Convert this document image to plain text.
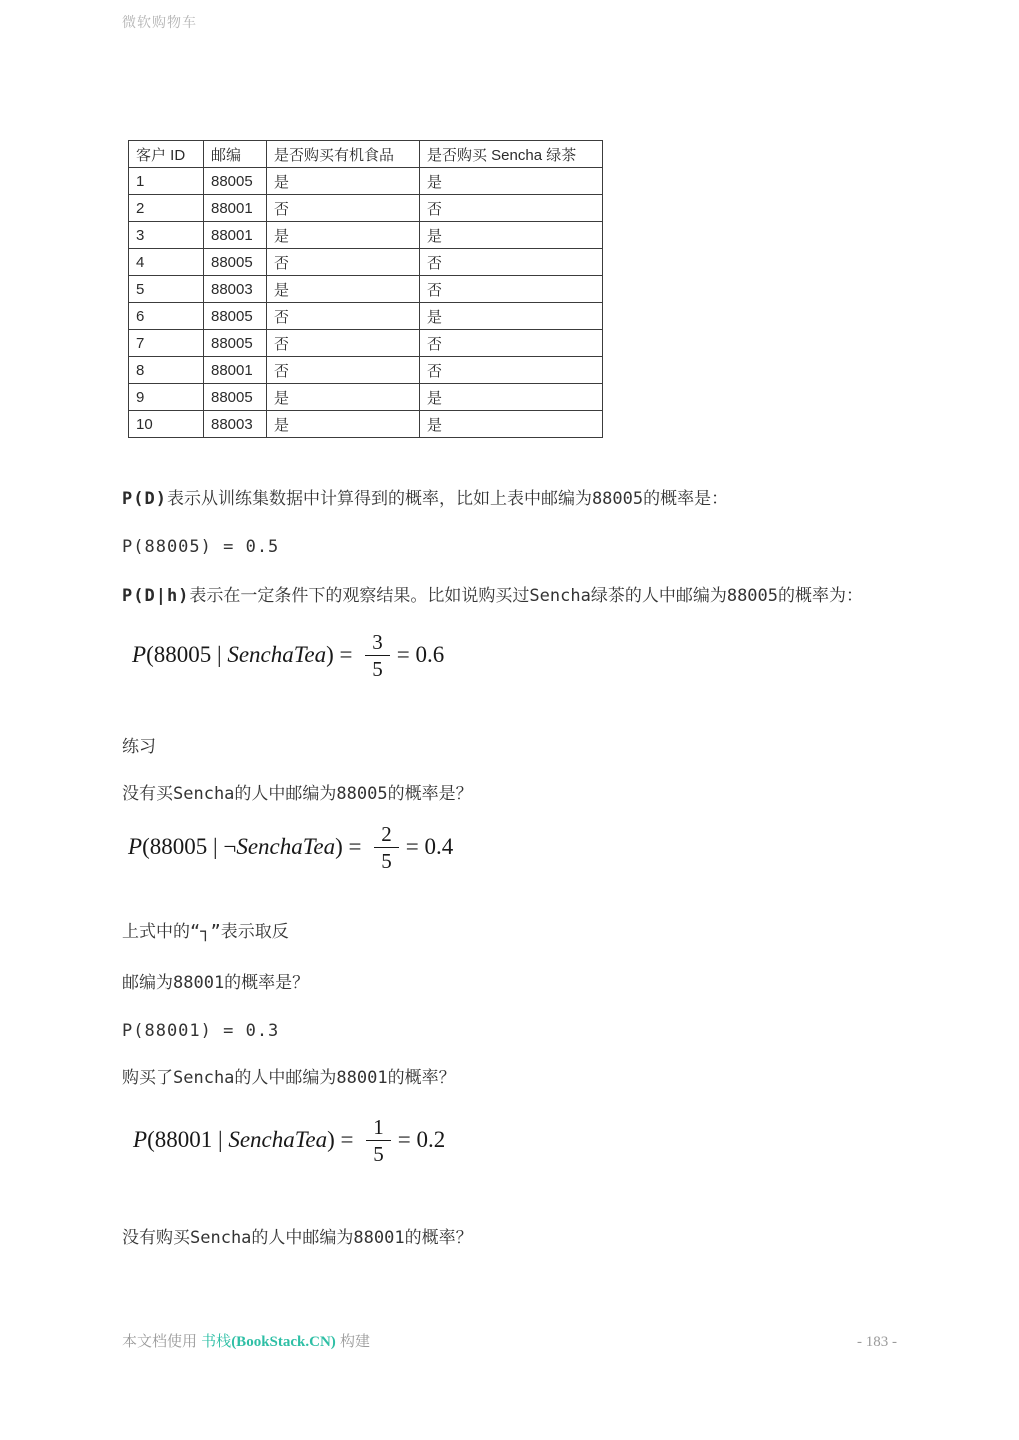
微软购物车
客户 ID	邮编	是否购买有机食品	是否购买 Sencha 绿茶
1	88005	是	是
2	88001	否	否
3	88001	是	是
4	88005	否	否
5	88003	是	否
6	88005	否	是
7	88005	否	否
8	88001	否	否
9	88005	是	是
10	88003	是	是

P(D)表示从训练集数据中计算得到的概率，比如上表中邮编为88005的概率是：

P(88005) = 0.5

P(D|h)表示在一定条件下的观察结果。比如说购买过Sencha绿茶的人中邮编为88005的概率为：

P (88005 | SenchaTea ) = $\frac{3}{5} = 0.6$

练习

没有买Sencha的人中邮编为88005的概率是？

P (88005 | ¬ SenchaTea ) = $\frac{2}{5} = 0.4$

上式中的“┐”表示取反

邮编为88001的概率是？

P(88001) = 0.3

购买了Sencha的人中邮编为88001的概率？

P (88001 | SenchaTea ) = $\frac{1}{5} = 0.2$

没有购买Sencha的人中邮编为88001的概率？

本文档使用 书栈(BookStack.CN) 构建	- 183 -
